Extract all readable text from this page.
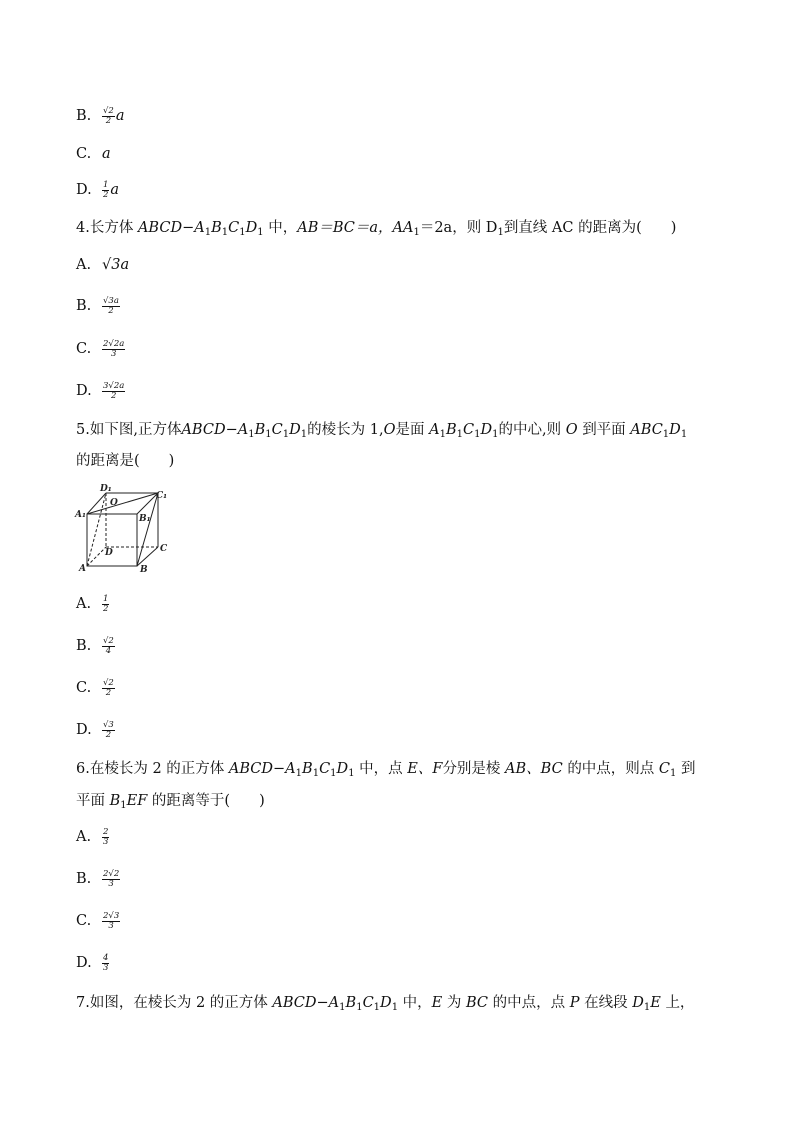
B.	$\frac{√2}{2}$ a
C. a
D.	$\frac{1}{2}$ a
4.长方体 $ABCD-A_1B_1C_1D_1$ 中，AB＝BC＝a，$AA_1=2a$，则 $D_1$到直线 AC 的距离为(　　)
A. √3a
B.	$\frac{√3a}{2}$
C.	$\frac{2√2a}{3}$
D.	$\frac{3√2a}{2}$
5.如下图,正方体$ABCD-A_1B_1C_1D_1$的棱长为 1,O是面 $A_1B_1C_1D_1$的中心,则 O 到平面 $ABC_1D_1$
的距离是(　　)
D₁
O
C₁
A₁	B₁
D	C
A	B
A.	$\frac{1}{2}$
B.	$\frac{√2}{4}$
C.	$\frac{√2}{2}$
D.	$\frac{√3}{2}$
6.在棱长为 2 的正方体 $ABCD-A_1B_1C_1D_1$ 中，点 E、F分别是棱 AB、BC 的中点，则点 $C_1$ 到
平面 $B_1EF$ 的距离等于(　　)
A.	$\frac{2}{3}$
B.	$\frac{2√2}{3}$
C.	$\frac{2√3}{3}$
D.	$\frac{4}{3}$
7.如图，在棱长为 2 的正方体 $ABCD-A_1B_1C_1D_1$ 中，E 为 BC 的中点，点 P 在线段 $D_1E$ 上，
